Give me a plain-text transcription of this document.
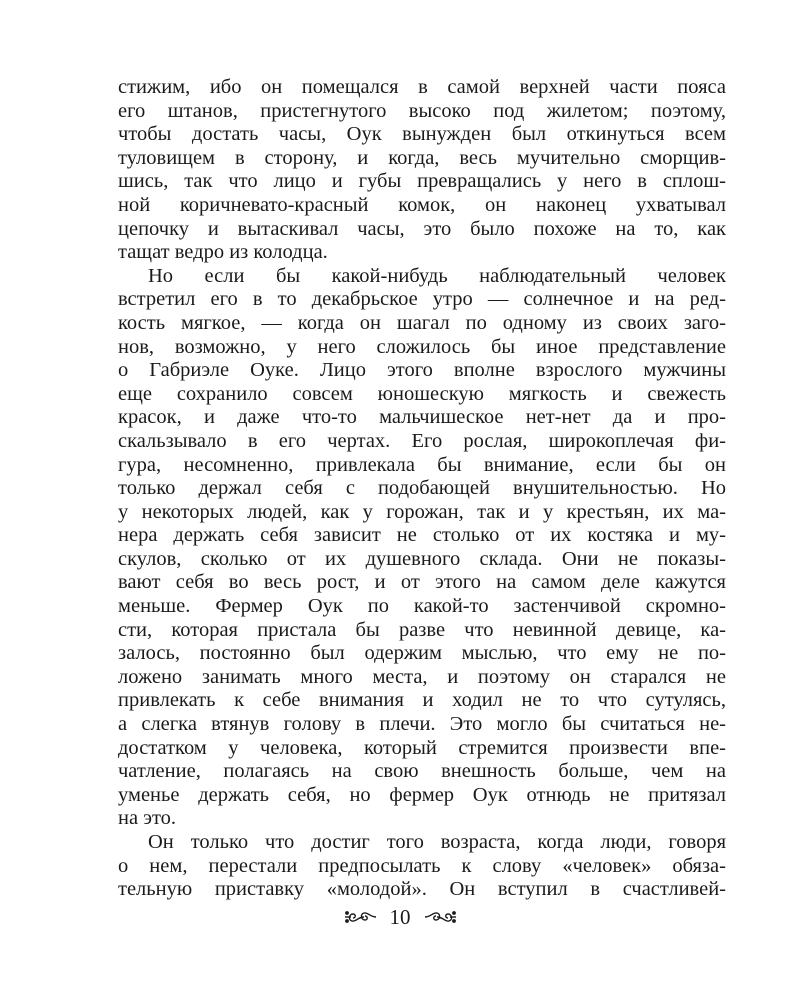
стижим, ибо он помещался в самой верхней части пояса
его штанов, пристегнутого высоко под жилетом; поэтому,
чтобы достать часы, Оук вынужден был откинуться всем
туловищем в сторону, и когда, весь мучительно сморщив-
шись, так что лицо и губы превращались у него в сплош-
ной коричневато-красный комок, он наконец ухватывал
цепочку и вытаскивал часы, это было похоже на то, как
тащат ведро из колодца.
Но если бы какой-нибудь наблюдательный человек
встретил его в то декабрьское утро — солнечное и на ред-
кость мягкое, — когда он шагал по одному из своих заго-
нов, возможно, у него сложилось бы иное представление
о Габриэле Оуке. Лицо этого вполне взрослого мужчины
еще сохранило совсем юношескую мягкость и свежесть
красок, и даже что-то мальчишеское нет-нет да и про-
скальзывало в его чертах. Его рослая, широкоплечая фи-
гура, несомненно, привлекала бы внимание, если бы он
только держал себя с подобающей внушительностью. Но
у некоторых людей, как у горожан, так и у крестьян, их ма-
нера держать себя зависит не столько от их костяка и му-
скулов, сколько от их душевного склада. Они не показы-
вают себя во весь рост, и от этого на самом деле кажутся
меньше. Фермер Оук по какой-то застенчивой скромно-
сти, которая пристала бы разве что невинной девице, ка-
залось, постоянно был одержим мыслью, что ему не по-
ложено занимать много места, и поэтому он старался не
привлекать к себе внимания и ходил не то что сутулясь,
а слегка втянув голову в плечи. Это могло бы считаться не-
достатком у человека, который стремится произвести впе-
чатление, полагаясь на свою внешность больше, чем на
уменье держать себя, но фермер Оук отнюдь не притязал
на это.
Он только что достиг того возраста, когда люди, говоря
о нем, перестали предпосылать к слову «человек» обяза-
тельную приставку «молодой». Он вступил в счастливей-
10
